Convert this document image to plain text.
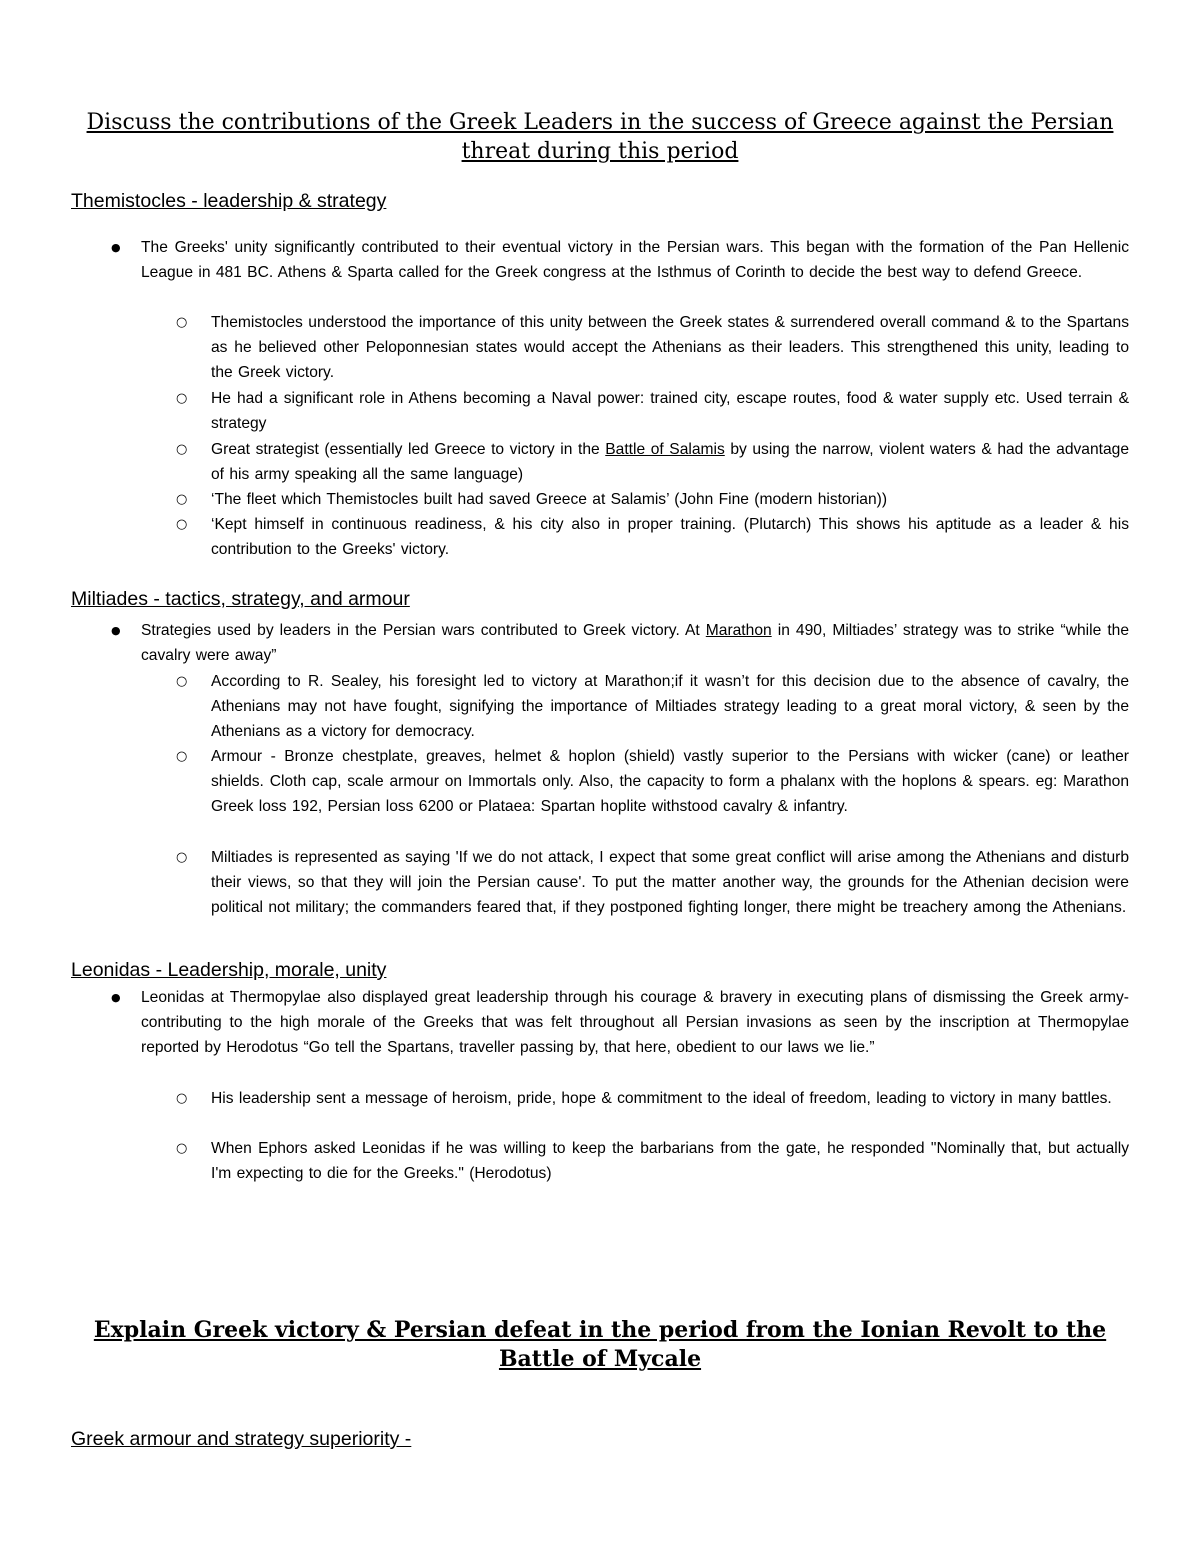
Discuss the contributions of the Greek Leaders in the success of Greece against the Persian threat during this period
Themistocles - leadership & strategy
● The Greeks' unity significantly contributed to their eventual victory in the Persian wars. This began with the formation of the Pan Hellenic League in 481 BC. Athens & Sparta called for the Greek congress at the Isthmus of Corinth to decide the best way to defend Greece.

○ Themistocles understood the importance of this unity between the Greek states & surrendered overall command & to the Spartans as he believed other Peloponnesian states would accept the Athenians as their leaders. This strengthened this unity, leading to the Greek victory.

○ He had a significant role in Athens becoming a Naval power: trained city, escape routes, food & water supply etc. Used terrain & strategy

○ Great strategist (essentially led Greece to victory in the Battle of Salamis by using the narrow, violent waters & had the advantage of his army speaking all the same language)

○ ‘The fleet which Themistocles built had saved Greece at Salamis’ (John Fine (modern historian))

○ ‘Kept himself in continuous readiness, & his city also in proper training. (Plutarch) This shows his aptitude as a leader & his contribution to the Greeks' victory.

Miltiades - tactics, strategy, and armour
● Strategies used by leaders in the Persian wars contributed to Greek victory. At Marathon in 490, Miltiades’ strategy was to strike “while the cavalry were away”

○ According to R. Sealey, his foresight led to victory at Marathon;if it wasn’t for this decision due to the absence of cavalry, the Athenians may not have fought, signifying the importance of Miltiades strategy leading to a great moral victory, & seen by the Athenians as a victory for democracy.

○ Armour - Bronze chestplate, greaves, helmet & hoplon (shield) vastly superior to the Persians with wicker (cane) or leather shields. Cloth cap, scale armour on Immortals only. Also, the capacity to form a phalanx with the hoplons & spears. eg: Marathon Greek loss 192, Persian loss 6200 or Plataea: Spartan hoplite withstood cavalry & infantry.

○ Miltiades is represented as saying 'If we do not attack, I expect that some great conflict will arise among the Athenians and disturb their views, so that they will join the Persian cause'. To put the matter another way, the grounds for the Athenian decision were political not military; the commanders feared that, if they postponed fighting longer, there might be treachery among the Athenians.

Leonidas - Leadership, morale, unity
● Leonidas at Thermopylae also displayed great leadership through his courage & bravery in executing plans of dismissing the Greek army- contributing to the high morale of the Greeks that was felt throughout all Persian invasions as seen by the inscription at Thermopylae reported by Herodotus “Go tell the Spartans, traveller passing by, that here, obedient to our laws we lie.”

○ His leadership sent a message of heroism, pride, hope & commitment to the ideal of freedom, leading to victory in many battles.

○ When Ephors asked Leonidas if he was willing to keep the barbarians from the gate, he responded "Nominally that, but actually I'm expecting to die for the Greeks." (Herodotus)

Explain Greek victory & Persian defeat in the period from the Ionian Revolt to the Battle of Mycale
Greek armour and strategy superiority -
